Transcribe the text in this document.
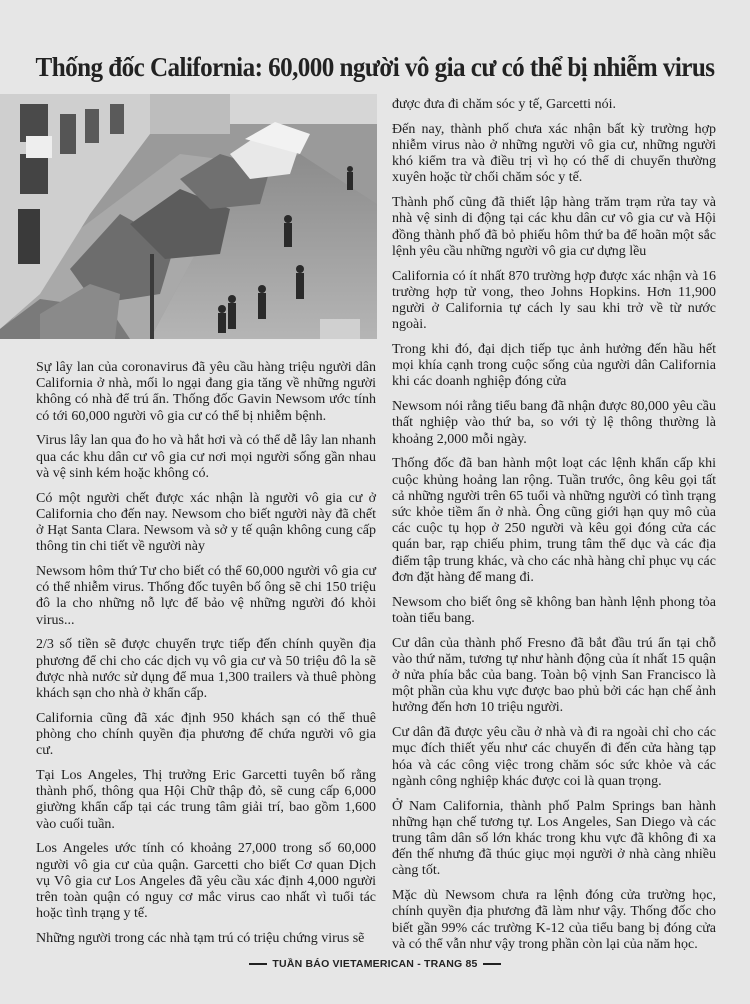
Thống đốc California: 60,000 người vô gia cư có thể bị nhiễm virus

Sự lây lan của coronavirus đã yêu cầu hàng triệu người dân California ở nhà, mối lo ngại đang gia tăng về những người không có nhà để trú ẩn. Thống đốc Gavin Newsom ước tính có tới 60,000 người vô gia cư có thể bị nhiễm bệnh.

Virus lây lan qua đo ho và hắt hơi và có thể dễ lây lan nhanh qua các khu dân cư vô gia cư nơi mọi người sống gần nhau và vệ sinh kém hoặc không có.

Có một người chết được xác nhận là người vô gia cư ở California cho đến nay. Newsom cho biết người này đã chết ở Hạt Santa Clara. Newsom và sở y tế quận không cung cấp thông tin chi tiết về người này

Newsom hôm thứ Tư cho biết có thể 60,000 người vô gia cư có thể nhiễm virus. Thống đốc tuyên bố ông sẽ chi 150 triệu đô la cho những nỗ lực để bảo vệ những người đó khỏi virus...

2/3 số tiền sẽ được chuyển trực tiếp đến chính quyền địa phương để chi cho các dịch vụ vô gia cư và 50 triệu đô la sẽ được nhà nước sử dụng để mua 1,300 trailers và thuê phòng khách sạn cho nhà ở khẩn cấp.

California cũng đã xác định 950 khách sạn có thể thuê phòng cho chính quyền địa phương để chứa người vô gia cư.

Tại Los Angeles, Thị trưởng Eric Garcetti tuyên bố rằng thành phố, thông qua Hội Chữ thập đỏ, sẽ cung cấp 6,000 giường khẩn cấp tại các trung tâm giải trí, bao gồm 1,600 vào cuối tuần.

Los Angeles ước tính có khoảng 27,000 trong số 60,000 người vô gia cư của quận. Garcetti cho biết Cơ quan Dịch vụ Vô gia cư Los Angeles đã yêu cầu xác định 4,000 người trên toàn quận có nguy cơ mắc virus cao nhất vì tuổi tác hoặc tình trạng y tế.

Những người trong các nhà tạm trú có triệu chứng virus sẽ

được đưa đi chăm sóc y tế, Garcetti nói.

Đến nay, thành phố chưa xác nhận bất kỳ trường hợp nhiễm virus nào ở những người vô gia cư, những người khó kiểm tra và điều trị vì họ có thể di chuyển thường xuyên hoặc từ chối chăm sóc y tế.

Thành phố cũng đã thiết lập hàng trăm trạm rửa tay và nhà vệ sinh di động tại các khu dân cư vô gia cư và Hội đồng thành phố đã bỏ phiếu hôm thứ ba để hoãn một sắc lệnh yêu cầu những người vô gia cư dựng lều

California có ít nhất 870 trường hợp được xác nhận và 16 trường hợp tử vong, theo Johns Hopkins. Hơn 11,900 người ở California tự cách ly sau khi trở về từ nước ngoài.

Trong khi đó, đại dịch tiếp tục ảnh hưởng đến hầu hết mọi khía cạnh trong cuộc sống của người dân California khi các doanh nghiệp đóng cửa

Newsom nói rằng tiểu bang đã nhận được 80,000 yêu cầu thất nghiệp vào thứ ba, so với tỷ lệ thông thường là khoảng 2,000 mỗi ngày.

Thống đốc đã ban hành một loạt các lệnh khẩn cấp khi cuộc khủng hoảng lan rộng. Tuần trước, ông kêu gọi tất cả những người trên 65 tuổi và những người có tình trạng sức khỏe tiềm ẩn ở nhà. Ông cũng giới hạn quy mô của các cuộc tụ họp ở 250 người và kêu gọi đóng cửa các quán bar, rạp chiếu phim, trung tâm thể dục và các địa điểm tập trung khác, và cho các nhà hàng chỉ phục vụ các đơn đặt hàng để mang đi.

Newsom cho biết ông sẽ không ban hành lệnh phong tỏa toàn tiểu bang.

Cư dân của thành phố Fresno đã bắt đầu trú ẩn tại chỗ vào thứ năm, tương tự như hành động của ít nhất 15 quận ở nửa phía bắc của bang. Toàn bộ vịnh San Francisco là một phần của khu vực được bao phủ bởi các hạn chế ảnh hưởng đến hơn 10 triệu người.

Cư dân đã được yêu cầu ở nhà và đi ra ngoài chỉ cho các mục đích thiết yếu như các chuyến đi đến cửa hàng tạp hóa và các công việc trong chăm sóc sức khỏe và các ngành công nghiệp khác được coi là quan trọng.

Ở Nam California, thành phố Palm Springs ban hành những hạn chế tương tự. Los Angeles, San Diego và các trung tâm dân số lớn khác trong khu vực đã không đi xa đến thế nhưng đã thúc giục mọi người ở nhà càng nhiều càng tốt.

Mặc dù Newsom chưa ra lệnh đóng cửa trường học, chính quyền địa phương đã làm như vậy. Thống đốc cho biết gần 99% các trường K-12 của tiểu bang bị đóng cửa và có thể vẫn như vậy trong phần còn lại của năm học.

TUẦN BÁO VIETAMERICAN - TRANG 85
